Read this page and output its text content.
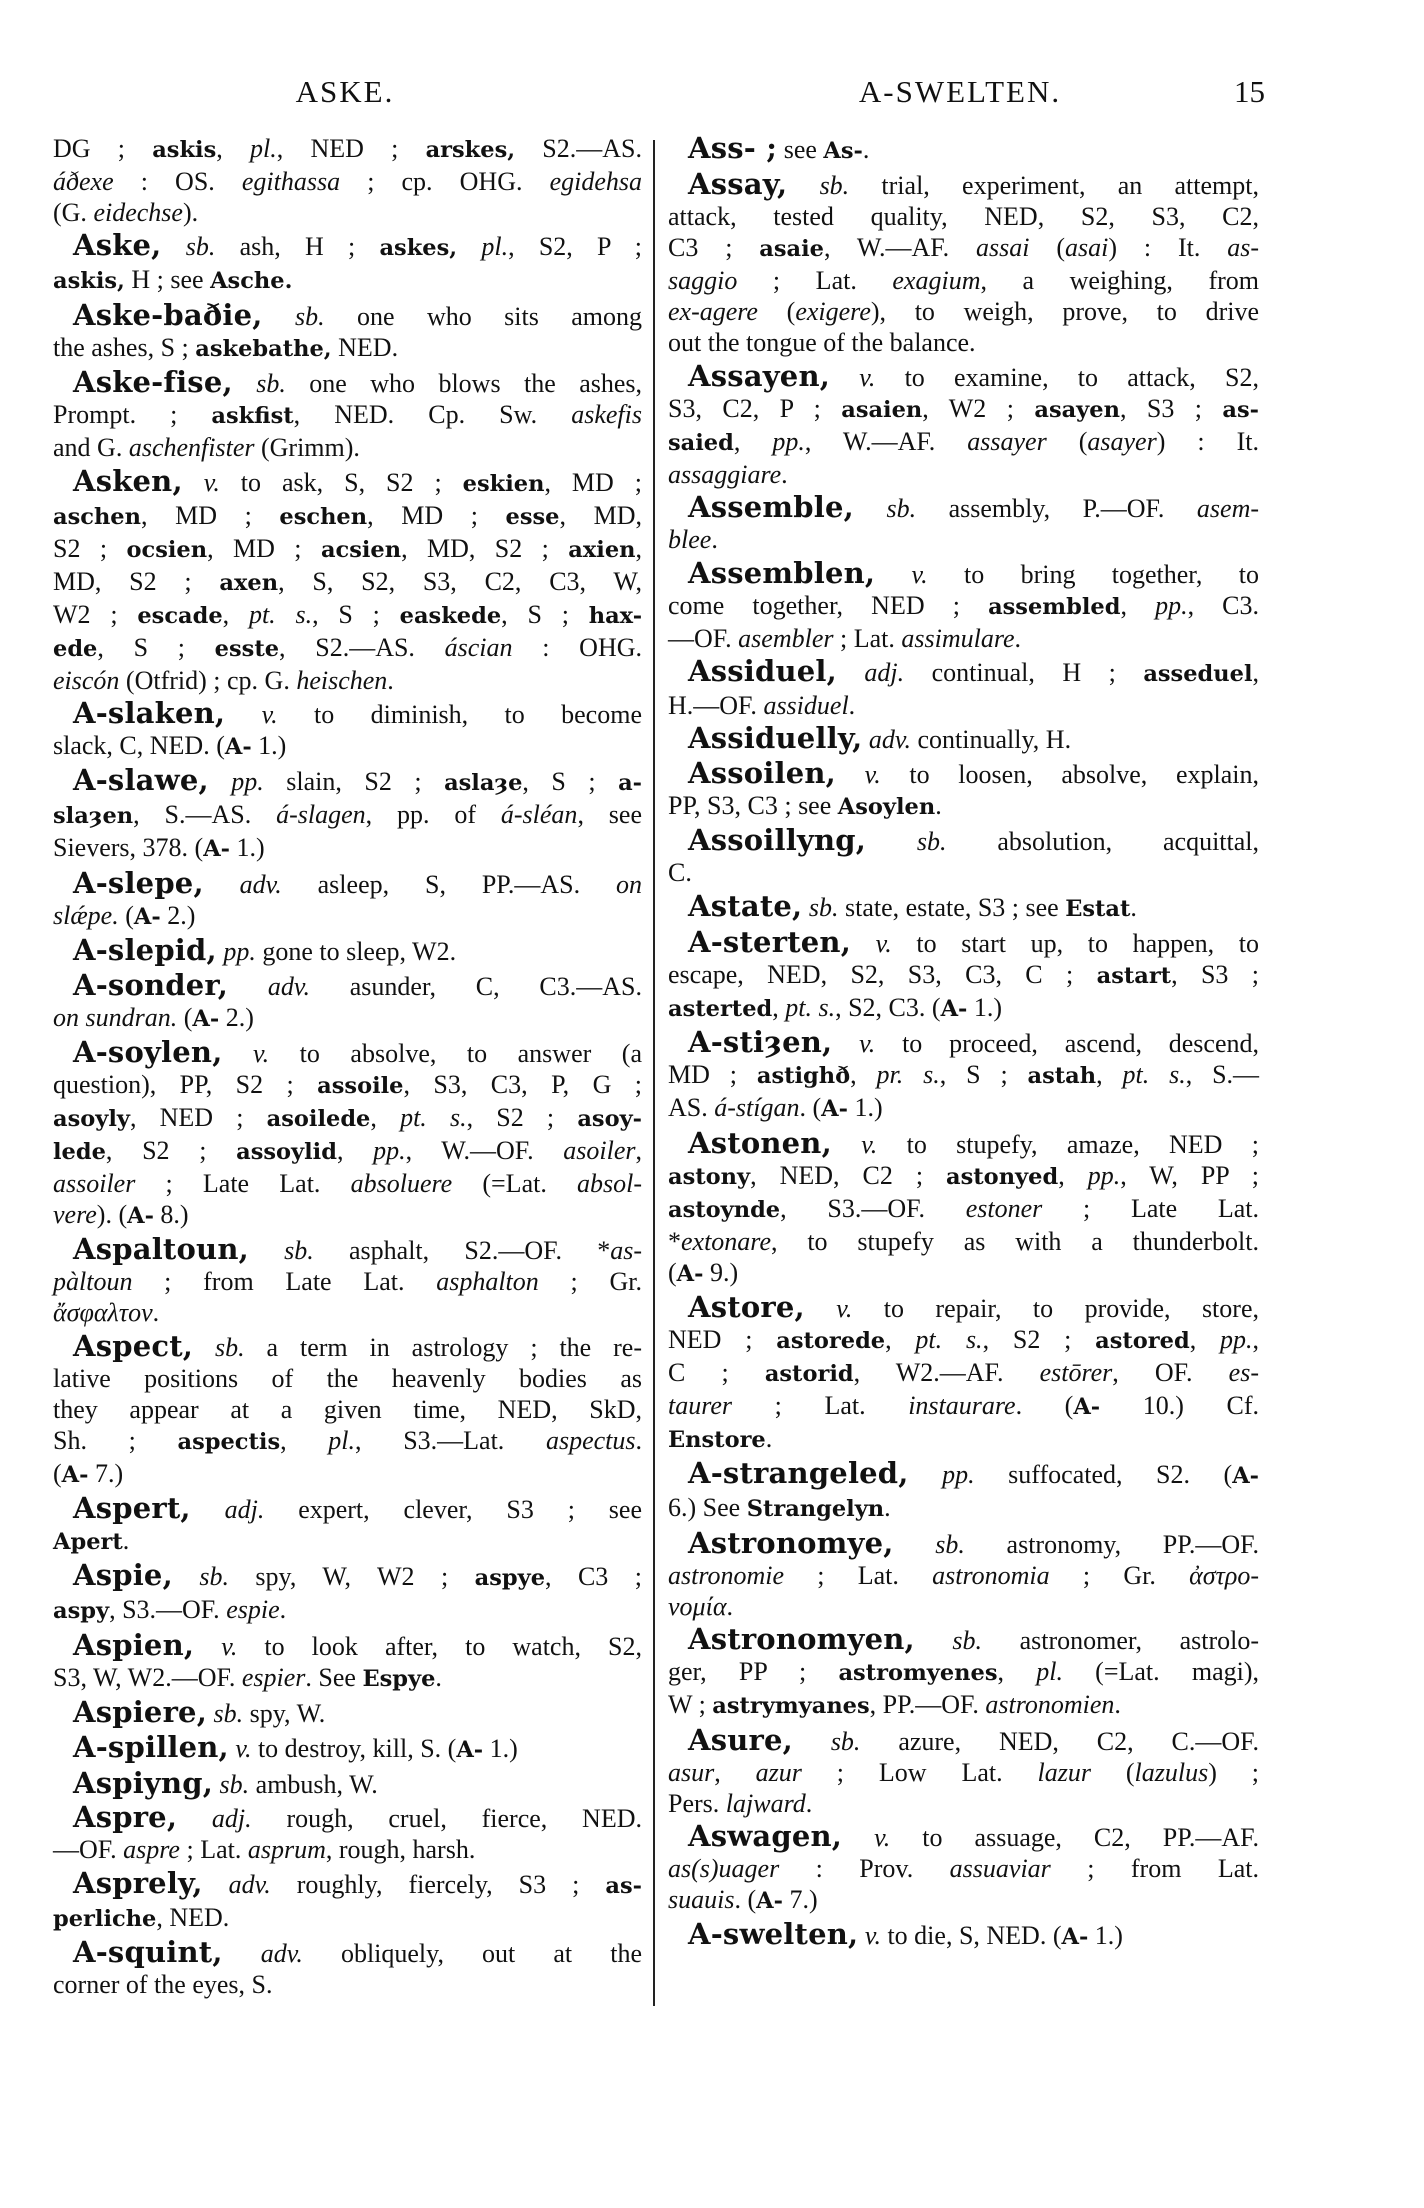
ASKE.	A-SWELTEN.	15
DG ; askis, pl., NED ; arskes, S2.—AS.
áðexe : OS. egithassa ; cp. OHG. egidehsa
(G. eidechse).
Aske, sb. ash, H ; askes, pl., S2, P ;
askis, H ; see Asche.
Aske-baðie, sb. one who sits among
the ashes, S ; askebathe, NED.
Aske-fise, sb. one who blows the ashes,
Prompt. ; askfist, NED. Cp. Sw. askefis
and G. aschenfister (Grimm).
Asken, v. to ask, S, S2 ; eskien, MD ;
aschen, MD ; eschen, MD ; esse, MD,
S2 ; ocsien, MD ; acsien, MD, S2 ; axien,
MD, S2 ; axen, S, S2, S3, C2, C3, W,
W2 ; escade, pt. s., S ; easkede, S ; hax-
ede, S ; esste, S2.—AS. áscian : OHG.
eiscón (Otfrid) ; cp. G. heischen.
A-slaken, v. to diminish, to become
slack, C, NED. (A- 1.)
A-slawe, pp. slain, S2 ; aslaȝe, S ; a-
slaȝen, S.—AS. á-slagen, pp. of á-sléan, see
Sievers, 378. (A- 1.)
A-slepe, adv. asleep, S, PP.—AS. on
slǽpe. (A- 2.)
A-slepid, pp. gone to sleep, W2.
A-sonder, adv. asunder, C, C3.—AS.
on sundran. (A- 2.)
A-soylen, v. to absolve, to answer (a
question), PP, S2 ; assoile, S3, C3, P, G ;
asoyly, NED ; asoilede, pt. s., S2 ; asoy-
lede, S2 ; assoylid, pp., W.—OF. asoiler,
assoiler ; Late Lat. absoluere (=Lat. absol-
vere). (A- 8.)
Aspaltoun, sb. asphalt, S2.—OF. *as-
pàltoun ; from Late Lat. asphalton ; Gr.
ἄσφαλτον.
Aspect, sb. a term in astrology ; the re-
lative positions of the heavenly bodies as
they appear at a given time, NED, SkD,
Sh. ; aspectis, pl., S3.—Lat. aspectus.
(A- 7.)
Aspert, adj. expert, clever, S3 ; see
Apert.
Aspie, sb. spy, W, W2 ; aspye, C3 ;
aspy, S3.—OF. espie.
Aspien, v. to look after, to watch, S2,
S3, W, W2.—OF. espier. See Espye.
Aspiere, sb. spy, W.
A-spillen, v. to destroy, kill, S. (A- 1.)
Aspiyng, sb. ambush, W.
Aspre, adj. rough, cruel, fierce, NED.
—OF. aspre ; Lat. asprum, rough, harsh.
Asprely, adv. roughly, fiercely, S3 ; as-
perliche, NED.
A-squint, adv. obliquely, out at the
corner of the eyes, S.
Ass- ; see As-.
Assay, sb. trial, experiment, an attempt,
attack, tested quality, NED, S2, S3, C2,
C3 ; asaie, W.—AF. assai (asai) : It. as-
saggio ; Lat. exagium, a weighing, from
ex-agere (exigere), to weigh, prove, to drive
out the tongue of the balance.
Assayen, v. to examine, to attack, S2,
S3, C2, P ; asaien, W2 ; asayen, S3 ; as-
saied, pp., W.—AF. assayer (asayer) : It.
assaggiare.
Assemble, sb. assembly, P.—OF. asem-
blee.
Assemblen, v. to bring together, to
come together, NED ; assembled, pp., C3.
—OF. asembler ; Lat. assimulare.
Assiduel, adj. continual, H ; asseduel,
H.—OF. assiduel.
Assiduelly, adv. continually, H.
Assoilen, v. to loosen, absolve, explain,
PP, S3, C3 ; see Asoylen.
Assoillyng, sb. absolution, acquittal,
C.
Astate, sb. state, estate, S3 ; see Estat.
A-sterten, v. to start up, to happen, to
escape, NED, S2, S3, C3, C ; astart, S3 ;
asterted, pt. s., S2, C3. (A- 1.)
A-stiȝen, v. to proceed, ascend, descend,
MD ; astighð, pr. s., S ; astah, pt. s., S.—
AS. á-stígan. (A- 1.)
Astonen, v. to stupefy, amaze, NED ;
astony, NED, C2 ; astonyed, pp., W, PP ;
astoynde, S3.—OF. estoner ; Late Lat.
*extonare, to stupefy as with a thunderbolt.
(A- 9.)
Astore, v. to repair, to provide, store,
NED ; astorede, pt. s., S2 ; astored, pp.,
C ; astorid, W2.—AF. estōrer, OF. es-
taurer ; Lat. instaurare. (A- 10.) Cf.
Enstore.
A-strangeled, pp. suffocated, S2. (A-
6.) See Strangelyn.
Astronomye, sb. astronomy, PP.—OF.
astronomie ; Lat. astronomia ; Gr. ἀστρο-
νομία.
Astronomyen, sb. astronomer, astrolo-
ger, PP ; astromyenes, pl. (=Lat. magi),
W ; astrymyanes, PP.—OF. astronomien.
Asure, sb. azure, NED, C2, C.—OF.
asur, azur ; Low Lat. lazur (lazulus) ;
Pers. lajward.
Aswagen, v. to assuage, C2, PP.—AF.
as(s)uager : Prov. assuaviar ; from Lat.
suauis. (A- 7.)
A-swelten, v. to die, S, NED. (A- 1.)
